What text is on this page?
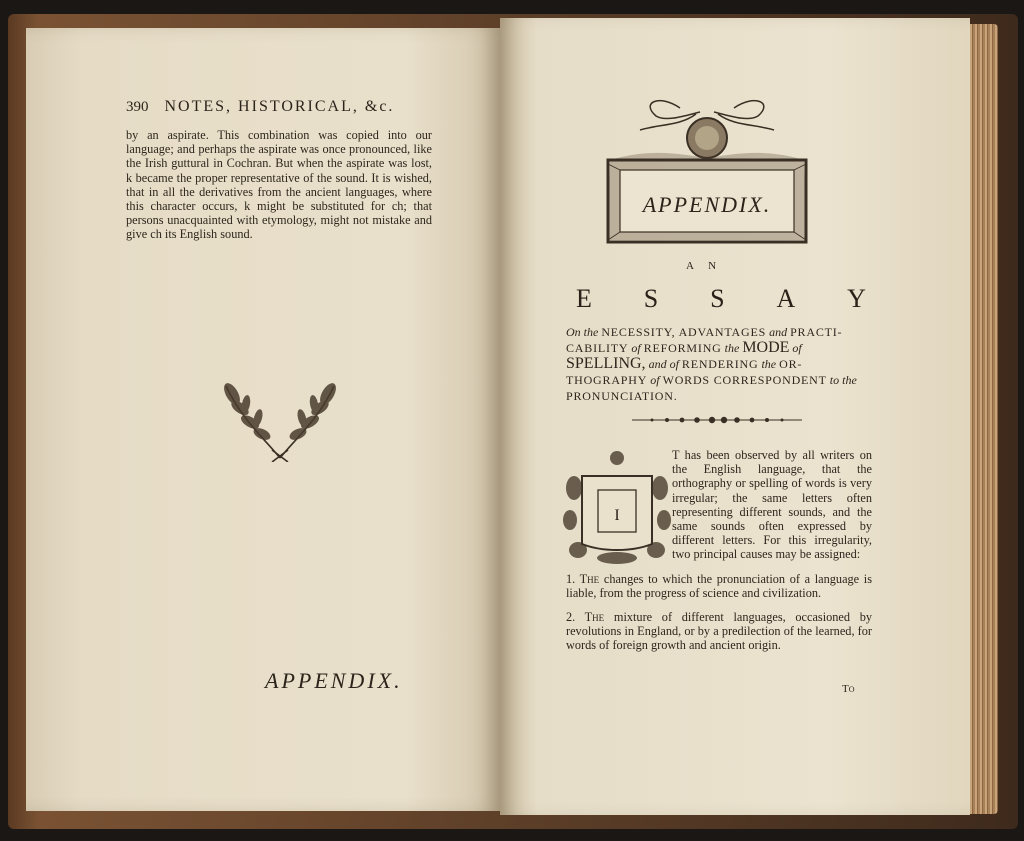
390 NOTES, HISTORICAL, &c.
by an aspirate. This combination was copied into our language; and perhaps the aspirate was once pronounced, like the Irish guttural in Cochran. But when the aspirate was lost, k became the proper representative of the sound. It is wished, that in all the derivatives from the ancient languages, where this character occurs, k might be substituted for ch; that persons unacquainted with etymology, might not mistake and give ch its English sound.
APPENDIX.
APPENDIX.
A N
E S S A Y
On the NECESSITY, ADVANTAGES and PRACTI-CABILITY of REFORMING the MODE of SPELLING, and of RENDERING the OR-THOGRAPHY of WORDS CORRESPONDENT to the PRONUNCIATION.
I

T has been observed by all writers on the English language, that the orthography or spelling of words is very irregular; the same letters often representing different sounds, and the same sounds often expressed by different letters. For this irregularity, two principal causes may be assigned:

1. The changes to which the pronunciation of a language is liable, from the progress of science and civilization.

2. The mixture of different languages, occasioned by revolutions in England, or by a predilection of the learned, for words of foreign growth and ancient origin.

To
